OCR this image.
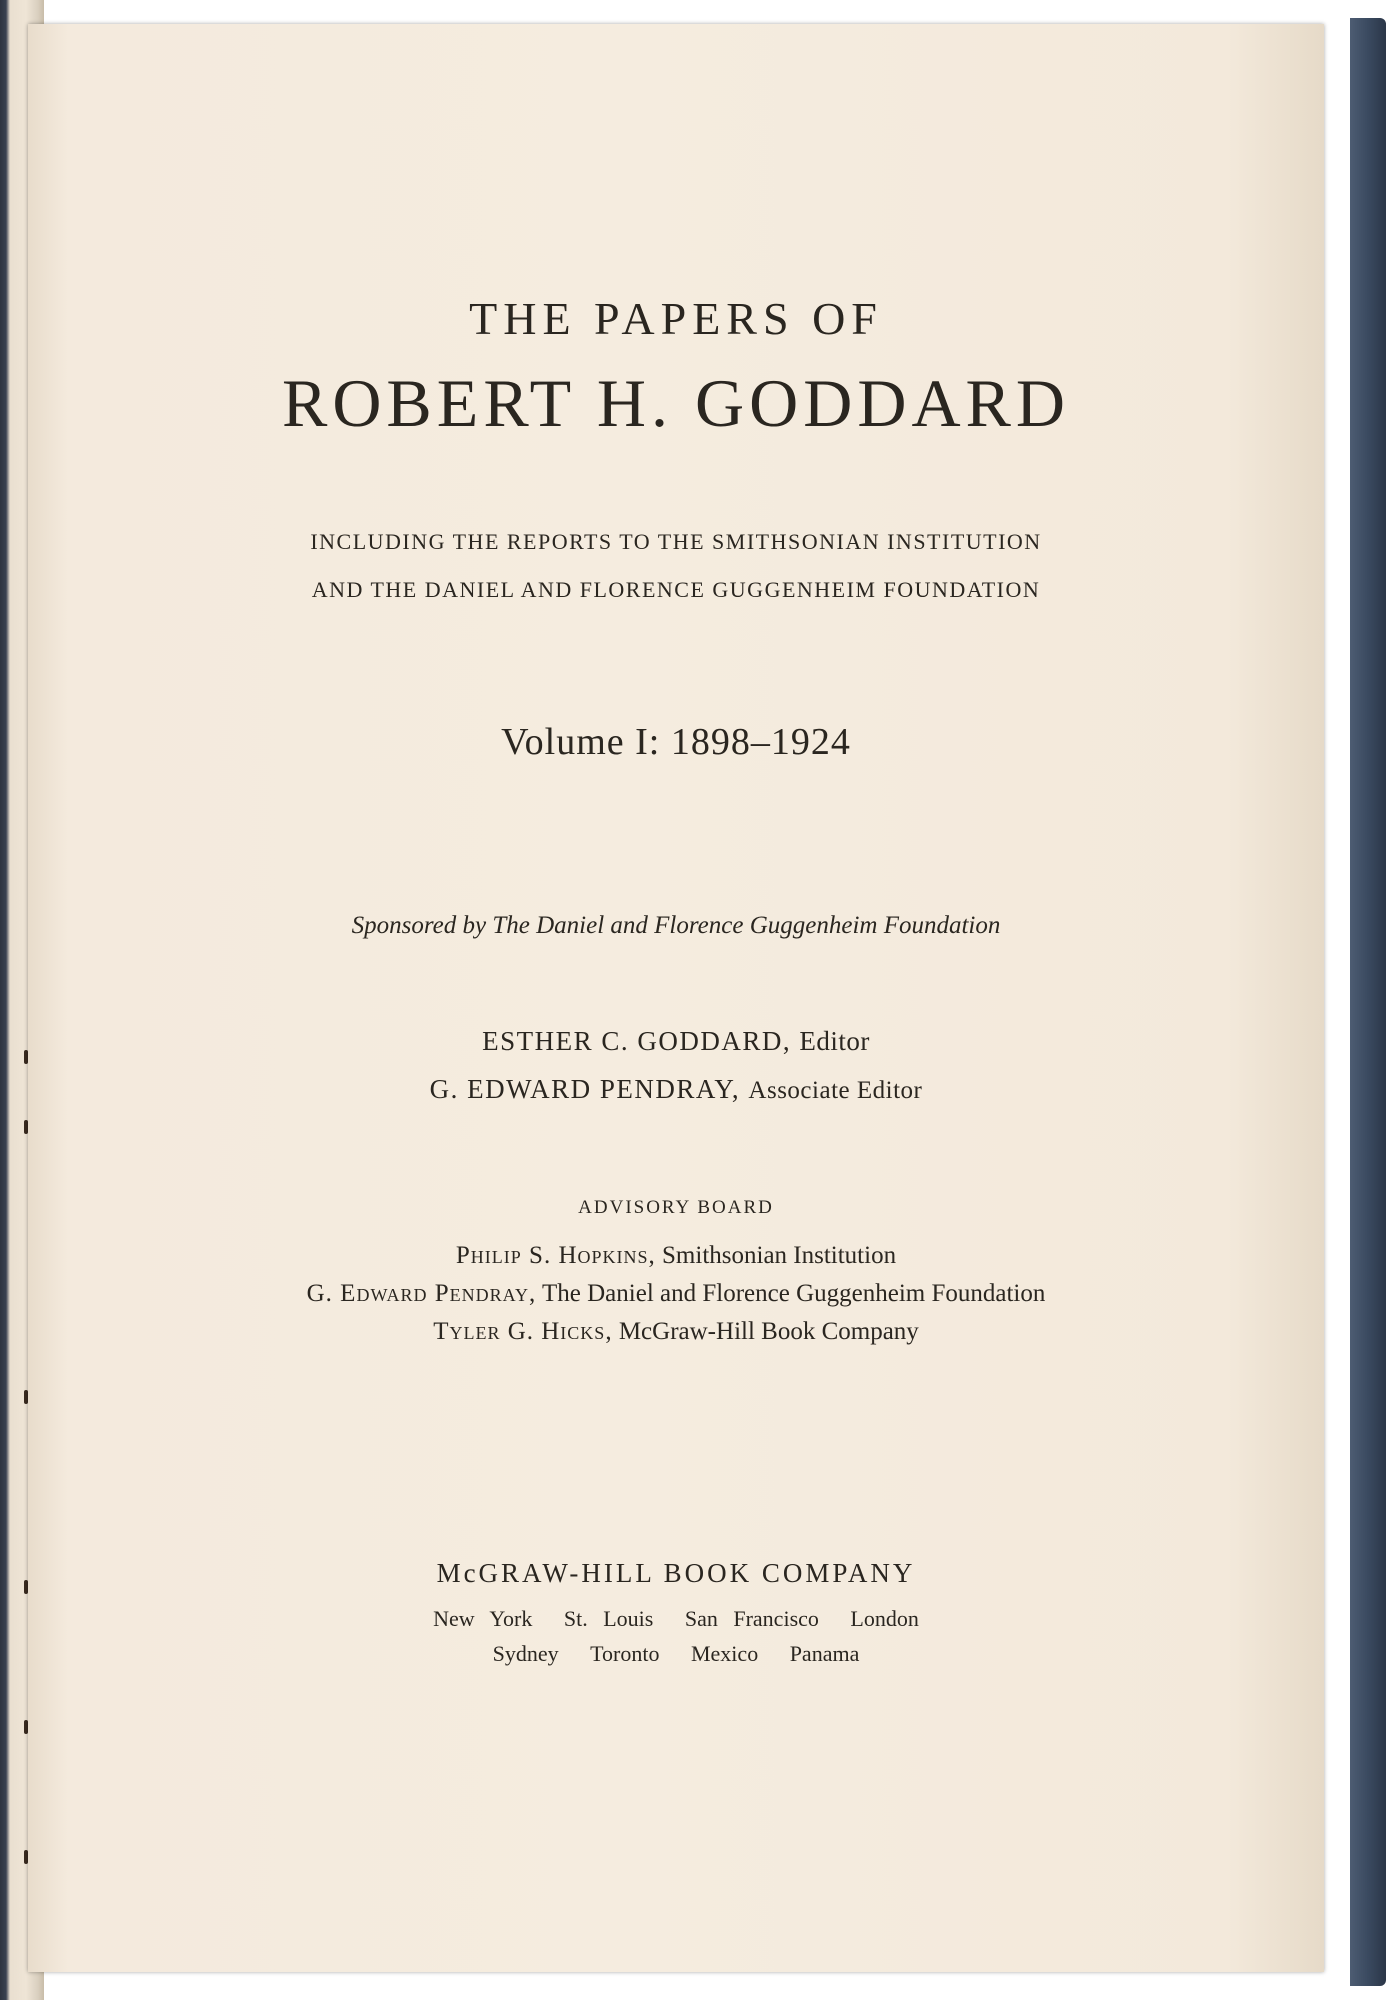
THE PAPERS OF
ROBERT H. GODDARD
INCLUDING THE REPORTS TO THE SMITHSONIAN INSTITUTION
AND THE DANIEL AND FLORENCE GUGGENHEIM FOUNDATION
Volume I: 1898–1924
Sponsored by The Daniel and Florence Guggenheim Foundation
ESTHER C. GODDARD, Editor
G. EDWARD PENDRAY, Associate Editor
ADVISORY BOARD
Philip S. Hopkins, Smithsonian Institution
G. Edward Pendray, The Daniel and Florence Guggenheim Foundation
Tyler G. Hicks, McGraw-Hill Book Company
McGRAW-HILL BOOK COMPANY
New York St. Louis San Francisco London
Sydney Toronto Mexico Panama
